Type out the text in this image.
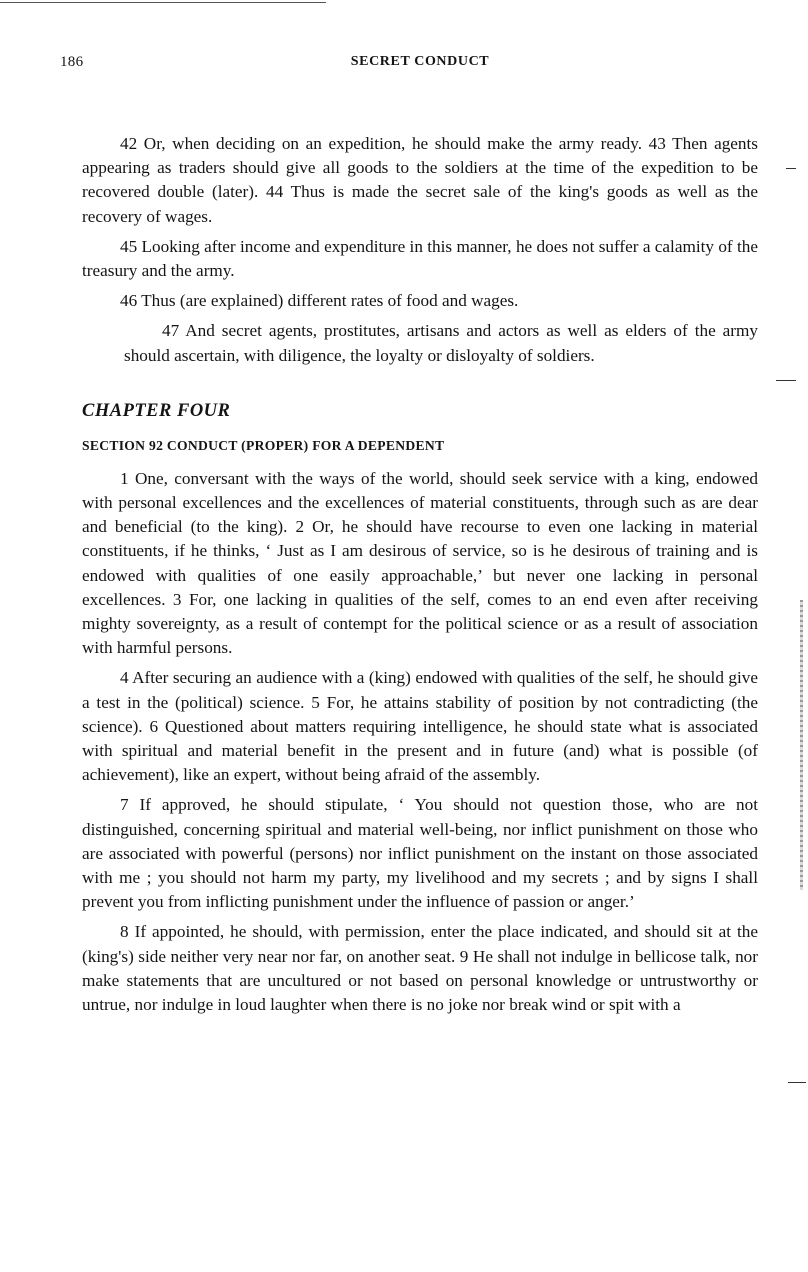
186	SECRET CONDUCT

42 Or, when deciding on an expedition, he should make the army ready. 43 Then agents appearing as traders should give all goods to the soldiers at the time of the expedition to be recovered double (later). 44 Thus is made the secret sale of the king's goods as well as the recovery of wages.

45 Looking after income and expenditure in this manner, he does not suffer a calamity of the treasury and the army.

46 Thus (are explained) different rates of food and wages.

47 And secret agents, prostitutes, artisans and actors as well as elders of the army should ascertain, with diligence, the loyalty or disloyalty of soldiers.

CHAPTER FOUR
SECTION 92 CONDUCT (PROPER) FOR A DEPENDENT

1 One, conversant with the ways of the world, should seek service with a king, endowed with personal excellences and the excellences of material constituents, through such as are dear and beneficial (to the king). 2 Or, he should have recourse to even one lacking in material constituents, if he thinks, ‘ Just as I am desirous of service, so is he desirous of training and is endowed with qualities of one easily approachable,’ but never one lacking in personal excellences. 3 For, one lacking in qualities of the self, comes to an end even after receiving mighty sovereignty, as a result of contempt for the political science or as a result of association with harmful persons.

4 After securing an audience with a (king) endowed with qualities of the self, he should give a test in the (political) science. 5 For, he attains stability of position by not contradicting (the science). 6 Questioned about matters requiring intelligence, he should state what is associated with spiritual and material benefit in the present and in future (and) what is possible (of achievement), like an expert, without being afraid of the assembly.

7 If approved, he should stipulate, ‘ You should not question those, who are not distinguished, concerning spiritual and material well-being, nor inflict punishment on those who are associated with powerful (persons) nor inflict punishment on the instant on those associated with me ; you should not harm my party, my livelihood and my secrets ; and by signs I shall prevent you from inflicting punishment under the influence of passion or anger.’

8 If appointed, he should, with permission, enter the place indicated, and should sit at the (king's) side neither very near nor far, on another seat. 9 He shall not indulge in bellicose talk, nor make statements that are uncultured or not based on personal knowledge or untrustworthy or untrue, nor indulge in loud laughter when there is no joke nor break wind or spit with a
